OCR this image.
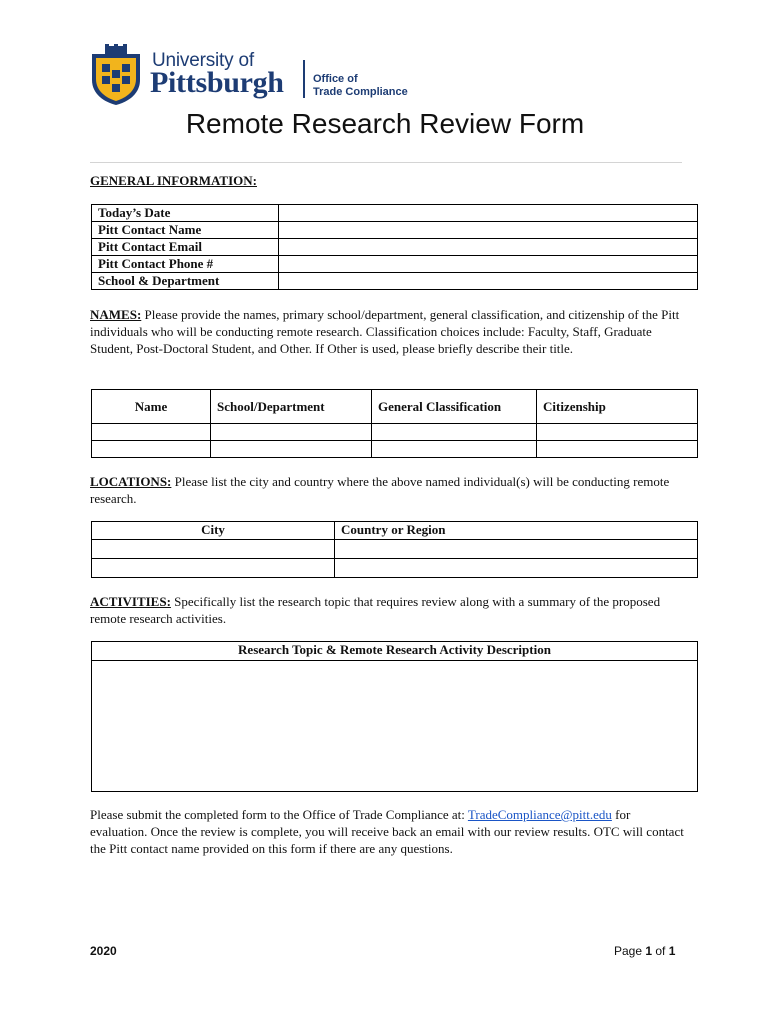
University of
Pittsburgh	Office of
Trade Compliance
Remote Research Review Form
GENERAL INFORMATION:
Today’s Date	
Pitt Contact Name	
Pitt Contact Email	
Pitt Contact Phone #	
School & Department	
NAMES: Please provide the names, primary school/department, general classification, and citizenship of the Pitt individuals who will be conducting remote research. Classification choices include: Faculty, Staff, Graduate Student, Post-Doctoral Student, and Other. If Other is used, please briefly describe their title.
Name	School/Department	General Classification	Citizenship

LOCATIONS: Please list the city and country where the above named individual(s) will be conducting remote research.
City	Country or Region

ACTIVITIES: Specifically list the research topic that requires review along with a summary of the proposed remote research activities.
Research Topic & Remote Research Activity Description

Please submit the completed form to the Office of Trade Compliance at: TradeCompliance@pitt.edu for evaluation. Once the review is complete, you will receive back an email with our review results. OTC will contact the Pitt contact name provided on this form if there are any questions.
2020	Page 1 of 1
